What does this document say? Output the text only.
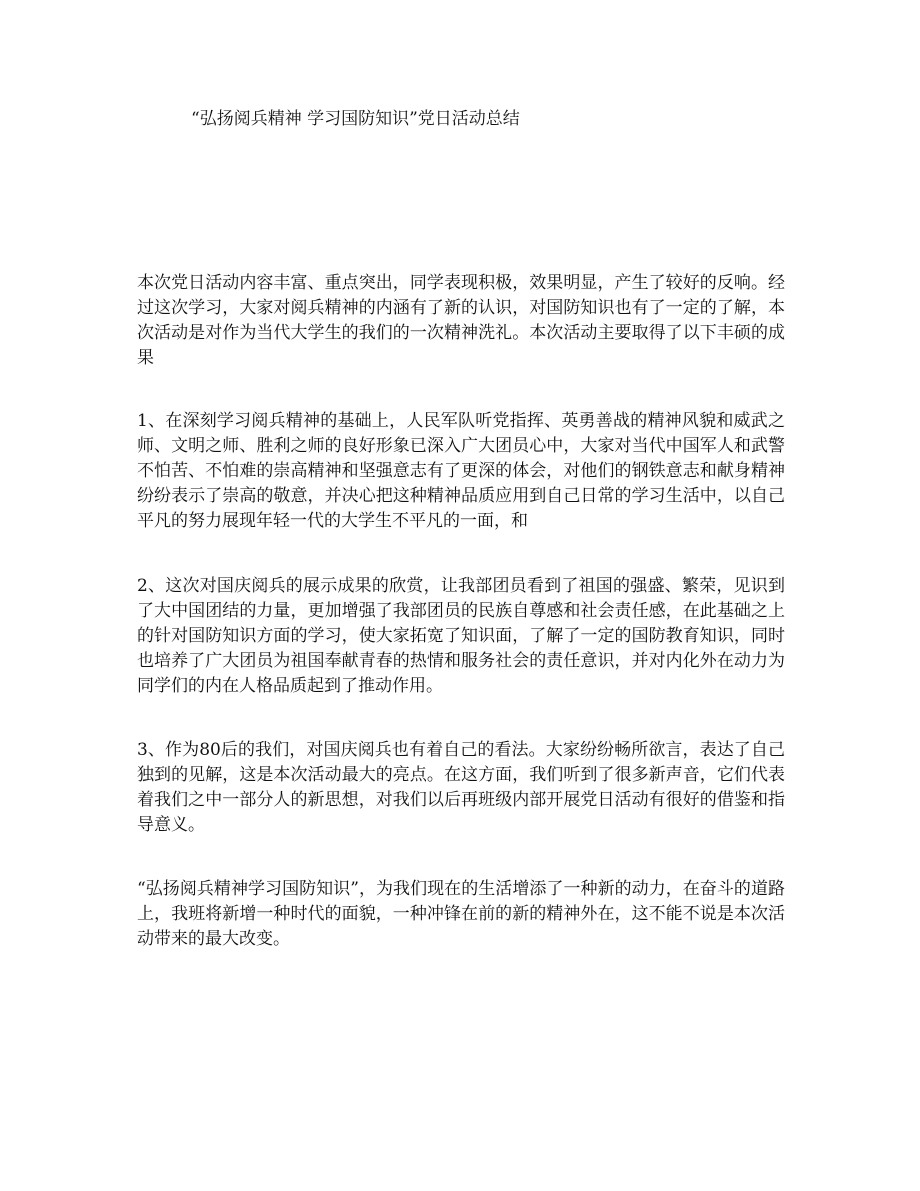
“弘扬阅兵精神 学习国防知识”党日活动总结
本次党日活动内容丰富、重点突出，同学表现积极，效果明显，产生了较好的反响。经过这次学习，大家对阅兵精神的内涵有了新的认识，对国防知识也有了一定的了解，本次活动是对作为当代大学生的我们的一次精神洗礼。本次活动主要取得了以下丰硕的成果
1、在深刻学习阅兵精神的基础上，人民军队听党指挥、英勇善战的精神风貌和威武之师、文明之师、胜利之师的良好形象已深入广大团员心中，大家对当代中国军人和武警不怕苦、不怕难的崇高精神和坚强意志有了更深的体会，对他们的钢铁意志和献身精神纷纷表示了崇高的敬意，并决心把这种精神品质应用到自己日常的学习生活中，以自己平凡的努力展现年轻一代的大学生不平凡的一面，和
2、这次对国庆阅兵的展示成果的欣赏，让我部团员看到了祖国的强盛、繁荣，见识到了大中国团结的力量，更加增强了我部团员的民族自尊感和社会责任感，在此基础之上的针对国防知识方面的学习，使大家拓宽了知识面，了解了一定的国防教育知识，同时也培养了广大团员为祖国奉献青春的热情和服务社会的责任意识，并对内化外在动力为同学们的内在人格品质起到了推动作用。
3、作为80后的我们，对国庆阅兵也有着自己的看法。大家纷纷畅所欲言，表达了自己独到的见解，这是本次活动最大的亮点。在这方面，我们听到了很多新声音，它们代表着我们之中一部分人的新思想，对我们以后再班级内部开展党日活动有很好的借鉴和指导意义。
“弘扬阅兵精神学习国防知识”，为我们现在的生活增添了一种新的动力，在奋斗的道路上，我班将新增一种时代的面貌，一种冲锋在前的新的精神外在，这不能不说是本次活动带来的最大改变。
